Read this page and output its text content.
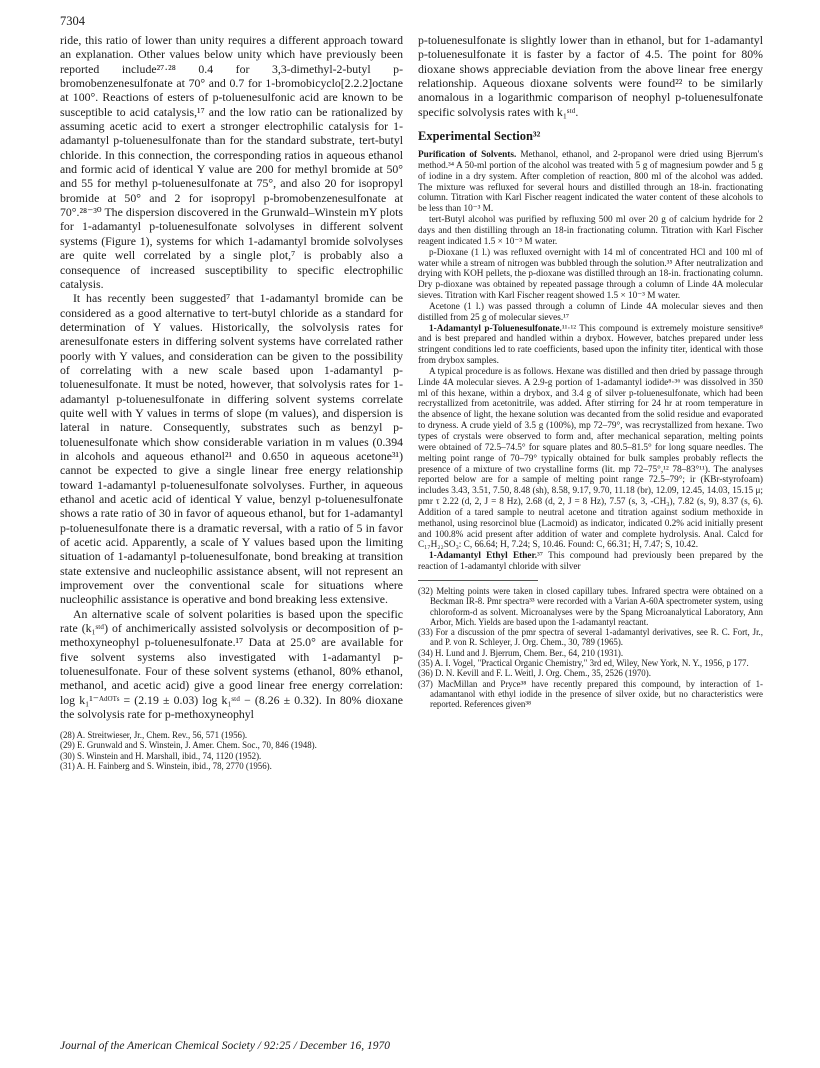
7304

ride, this ratio of lower than unity requires a different approach toward an explanation. Other values below unity which have previously been reported include²⁷·²⁸ 0.4 for 3,3-dimethyl-2-butyl p-bromobenzenesulfonate at 70° and 0.7 for 1-bromobicyclo[2.2.2]octane at 100°. Reactions of esters of p-toluenesulfonic acid are known to be susceptible to acid catalysis,¹⁷ and the low ratio can be rationalized by assuming acetic acid to exert a stronger electrophilic catalysis for 1-adamantyl p-toluenesulfonate than for the standard substrate, tert-butyl chloride. In this connection, the corresponding ratios in aqueous ethanol and formic acid of identical Y value are 200 for methyl bromide at 50° and 55 for methyl p-toluenesulfonate at 75°, and also 20 for isopropyl bromide at 50° and 2 for isopropyl p-bromobenzenesulfonate at 70°.²⁸⁻³⁰ The dispersion discovered in the Grunwald–Winstein mY plots for 1-adamantyl p-toluenesulfonate solvolyses in different solvent systems (Figure 1), systems for which 1-adamantyl bromide solvolyses are quite well correlated by a single plot,⁷ is probably also a consequence of increased susceptibility to specific electrophilic catalysis.

It has recently been suggested⁷ that 1-adamantyl bromide can be considered as a good alternative to tert-butyl chloride as a standard for determination of Y values. Historically, the solvolysis rates for arenesulfonate esters in differing solvent systems have correlated rather poorly with Y values, and consideration can be given to the possibility of correlating with a new scale based upon 1-adamantyl p-toluenesulfonate. It must be noted, however, that solvolysis rates for 1-adamantyl p-toluenesulfonate in differing solvent systems correlate quite well with Y values in terms of slope (m values), and dispersion is lateral in nature. Consequently, substrates such as benzyl p-toluenesulfonate which show considerable variation in m values (0.394 in alcohols and aqueous ethanol²¹ and 0.650 in aqueous acetone³¹) cannot be expected to give a single linear free energy relationship toward 1-adamantyl p-toluenesulfonate solvolyses. Further, in aqueous ethanol and acetic acid of identical Y value, benzyl p-toluenesulfonate shows a rate ratio of 30 in favor of aqueous ethanol, but for 1-adamantyl p-toluenesulfonate there is a dramatic reversal, with a ratio of 5 in favor of acetic acid. Apparently, a scale of Y values based upon the limiting situation of 1-adamantyl p-toluenesulfonate, bond breaking at transition state extensive and nucleophilic assistance absent, will not represent an improvement over the conventional scale for situations where nucleophilic assistance is operative and bond breaking less extensive.

An alternative scale of solvent polarities is based upon the specific rate (k₁ˢᵗᵈ) of anchimerically assisted solvolysis or decomposition of p-methoxyneophyl p-toluenesulfonate.¹⁷ Data at 25.0° are available for five solvent systems also investigated with 1-adamantyl p-toluenesulfonate. Four of these solvent systems (ethanol, 80% ethanol, methanol, and acetic acid) give a good linear free energy correlation: log k₁¹⁻ᴬᵈᴼᵀˢ = (2.19 ± 0.03) log k₁ˢᵗᵈ − (8.26 ± 0.32). In 80% dioxane the solvolysis rate for p-methoxyneophyl

(28) A. Streitwieser, Jr., Chem. Rev., 56, 571 (1956).

(29) E. Grunwald and S. Winstein, J. Amer. Chem. Soc., 70, 846 (1948).

(30) S. Winstein and H. Marshall, ibid., 74, 1120 (1952).

(31) A. H. Fainberg and S. Winstein, ibid., 78, 2770 (1956).

p-toluenesulfonate is slightly lower than in ethanol, but for 1-adamantyl p-toluenesulfonate it is faster by a factor of 4.5. The point for 80% dioxane shows appreciable deviation from the above linear free energy relationship. Aqueous dioxane solvents were found²² to be similarly anomalous in a logarithmic comparison of neophyl p-toluenesulfonate specific solvolysis rates with k₁ˢᵗᵈ.

Experimental Section³²

Purification of Solvents. Methanol, ethanol, and 2-propanol were dried using Bjerrum's method.³⁴ A 50-ml portion of the alcohol was treated with 5 g of magnesium powder and 5 g of iodine in a dry system. After completion of reaction, 800 ml of the alcohol was added. The mixture was refluxed for several hours and distilled through an 18-in. fractionating column. Titration with Karl Fischer reagent indicated the water content of these alcohols to be less than 10⁻³ M.

tert-Butyl alcohol was purified by refluxing 500 ml over 20 g of calcium hydride for 2 days and then distilling through an 18-in fractionating column. Titration with Karl Fischer reagent indicated 1.5 × 10⁻³ M water.

p-Dioxane (1 l.) was refluxed overnight with 14 ml of concentrated HCl and 100 ml of water while a stream of nitrogen was bubbled through the solution.³⁵ After neutralization and drying with KOH pellets, the p-dioxane was distilled through an 18-in. fractionating column. Dry p-dioxane was obtained by repeated passage through a column of Linde 4A molecular sieves. Titration with Karl Fischer reagent showed 1.5 × 10⁻³ M water.

Acetone (1 l.) was passed through a column of Linde 4A molecular sieves and then distilled from 25 g of molecular sieves.¹⁷

1-Adamantyl p-Toluenesulfonate.¹¹·¹² This compound is extremely moisture sensitive⁸ and is best prepared and handled within a drybox. However, batches prepared under less stringent conditions led to rate coefficients, based upon the infinity titer, identical with those from drybox samples.

A typical procedure is as follows. Hexane was distilled and then dried by passage through Linde 4A molecular sieves. A 2.9-g portion of 1-adamantyl iodide⁸·³⁶ was dissolved in 350 ml of this hexane, within a drybox, and 3.4 g of silver p-toluenesulfonate, which had been recrystallized from acetonitrile, was added. After stirring for 24 hr at room temperature in the absence of light, the hexane solution was decanted from the solid residue and evaporated to dryness. A crude yield of 3.5 g (100%), mp 72–79°, was recrystallized from hexane. Two types of crystals were observed to form and, after mechanical separation, melting points were obtained of 72.5–74.5° for square plates and 80.5–81.5° for long square needles. The melting point range of 70–79° typically obtained for bulk samples probably reflects the presence of a mixture of two crystalline forms (lit. mp 72–75°,¹² 78–83°¹¹). The analyses reported below are for a sample of melting point range 72.5–79°; ir (KBr-styrofoam) includes 3.43, 3.51, 7.50, 8.48 (sh), 8.58, 9.17, 9.70, 11.18 (br), 12.09, 12.45, 14.03, 15.15 μ; pmr τ 2.22 (d, 2, J = 8 Hz), 2.68 (d, 2, J = 8 Hz), 7.57 (s, 3, -CH₃), 7.82 (s, 9), 8.37 (s, 6). Addition of a tared sample to neutral acetone and titration against sodium methoxide in methanol, using resorcinol blue (Lacmoid) as indicator, indicated 0.2% acid initially present and 100.8% acid present after addition of water and complete hydrolysis. Anal. Calcd for C₁₇H₂₂SO₃: C, 66.64; H, 7.24; S, 10.46. Found: C, 66.31; H, 7.47; S, 10.42.

1-Adamantyl Ethyl Ether.³⁷ This compound had previously been prepared by the reaction of 1-adamantyl chloride with silver

(32) Melting points were taken in closed capillary tubes. Infrared spectra were obtained on a Beckman IR-8. Pmr spectra³³ were recorded with a Varian A-60A spectrometer system, using chloroform-d as solvent. Microanalyses were by the Spang Microanalytical Laboratory, Ann Arbor, Mich. Yields are based upon the 1-adamantyl reactant.

(33) For a discussion of the pmr spectra of several 1-adamantyl derivatives, see R. C. Fort, Jr., and P. von R. Schleyer, J. Org. Chem., 30, 789 (1965).

(34) H. Lund and J. Bjerrum, Chem. Ber., 64, 210 (1931).

(35) A. I. Vogel, "Practical Organic Chemistry," 3rd ed, Wiley, New York, N. Y., 1956, p 177.

(36) D. N. Kevill and F. L. Weitl, J. Org. Chem., 35, 2526 (1970).

(37) MacMillan and Pryce³⁸ have recently prepared this compound, by interaction of 1-adamantanol with ethyl iodide in the presence of silver oxide, but no characteristics were reported. References given³⁸

Journal of the American Chemical Society / 92:25 / December 16, 1970
